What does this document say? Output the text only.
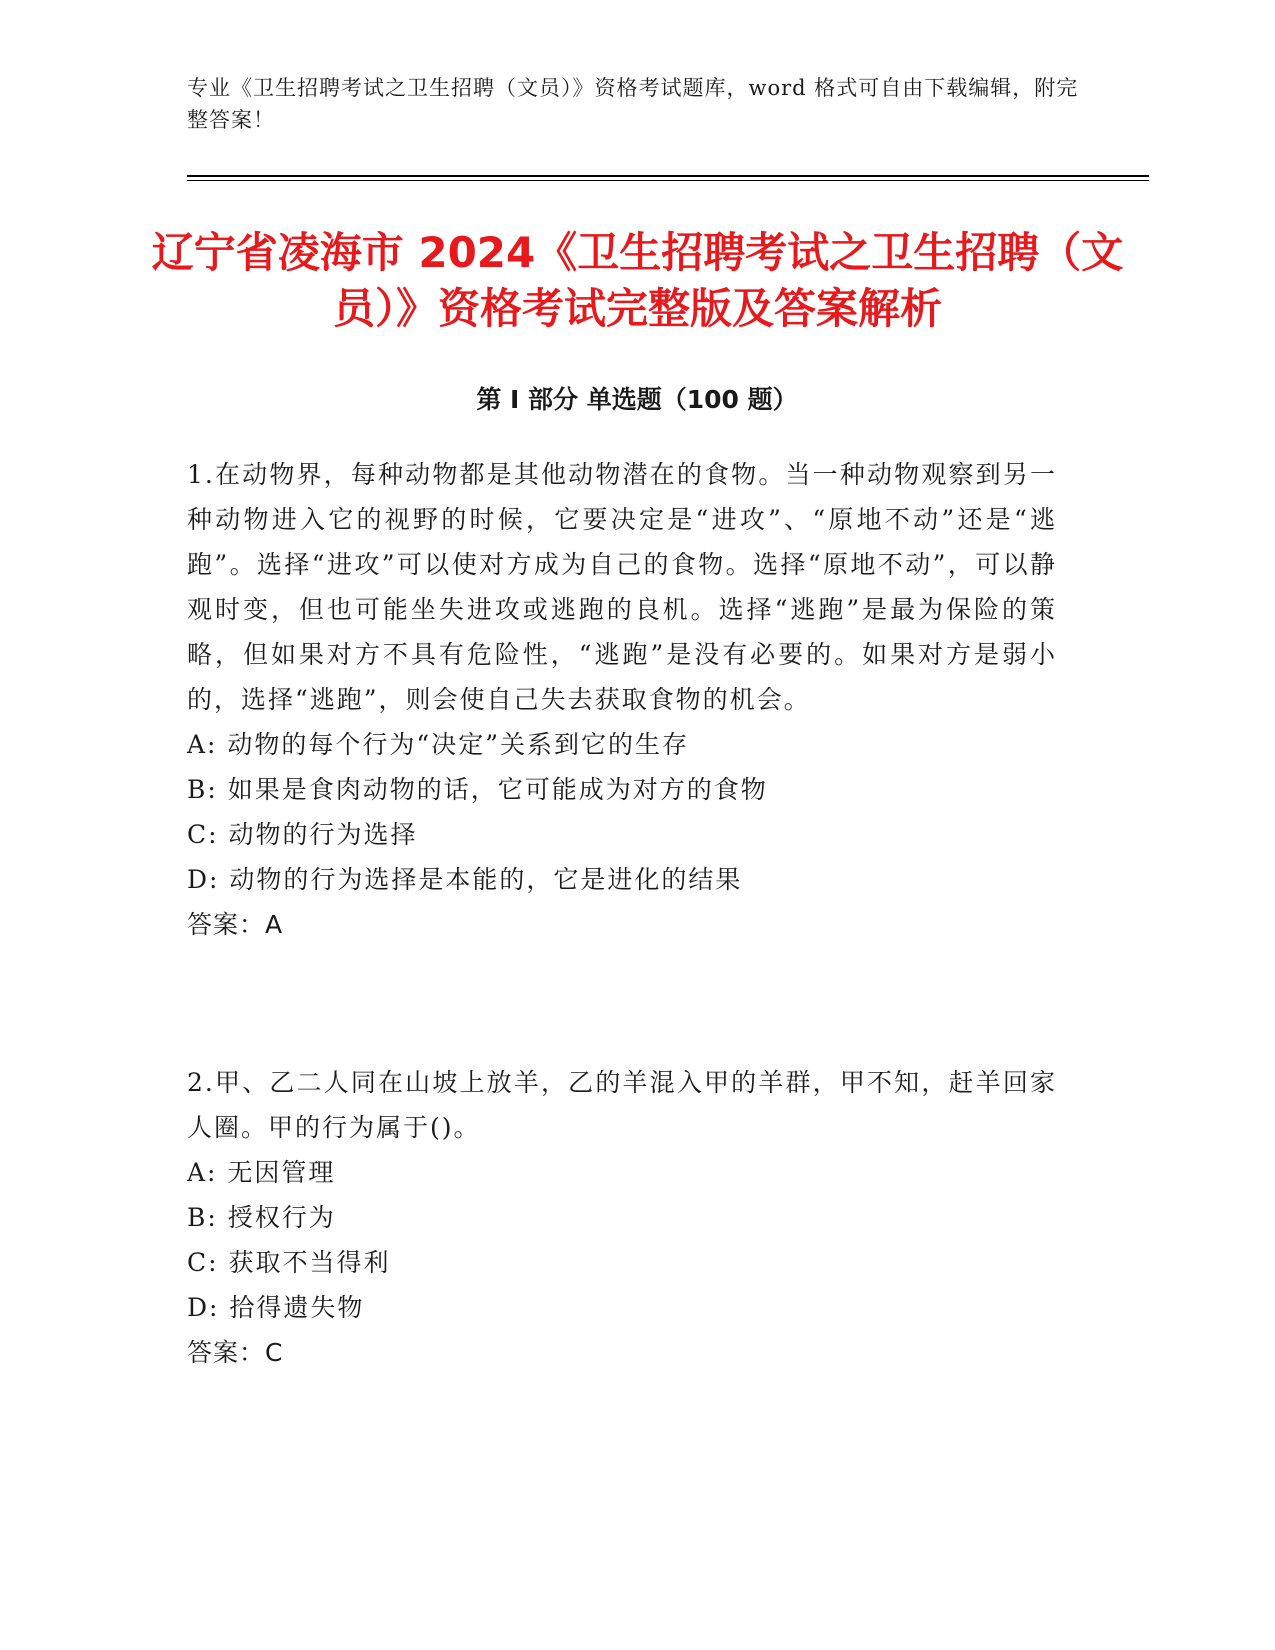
专业《卫生招聘考试之卫生招聘（文员）》资格考试题库，word 格式可自由下载编辑，附完整答案！
辽宁省凌海市 2024《卫生招聘考试之卫生招聘（文员）》资格考试完整版及答案解析
第 I 部分 单选题（100 题）

1.在动物界，每种动物都是其他动物潜在的食物。当一种动物观察到另一种动物进入它的视野的时候，它要决定是“进攻”、“原地不动”还是“逃跑”。选择“进攻”可以使对方成为自己的食物。选择“原地不动”，可以静观时变，但也可能坐失进攻或逃跑的良机。选择“逃跑”是最为保险的策略，但如果对方不具有危险性，“逃跑”是没有必要的。如果对方是弱小的，选择“逃跑”，则会使自己失去获取食物的机会。

A: 动物的每个行为“决定”关系到它的生存

B: 如果是食肉动物的话，它可能成为对方的食物

C: 动物的行为选择

D: 动物的行为选择是本能的，它是进化的结果

答案：A

2.甲、乙二人同在山坡上放羊，乙的羊混入甲的羊群，甲不知，赶羊回家人圈。甲的行为属于()。

A: 无因管理

B: 授权行为

C: 获取不当得利

D: 拾得遗失物

答案：C
